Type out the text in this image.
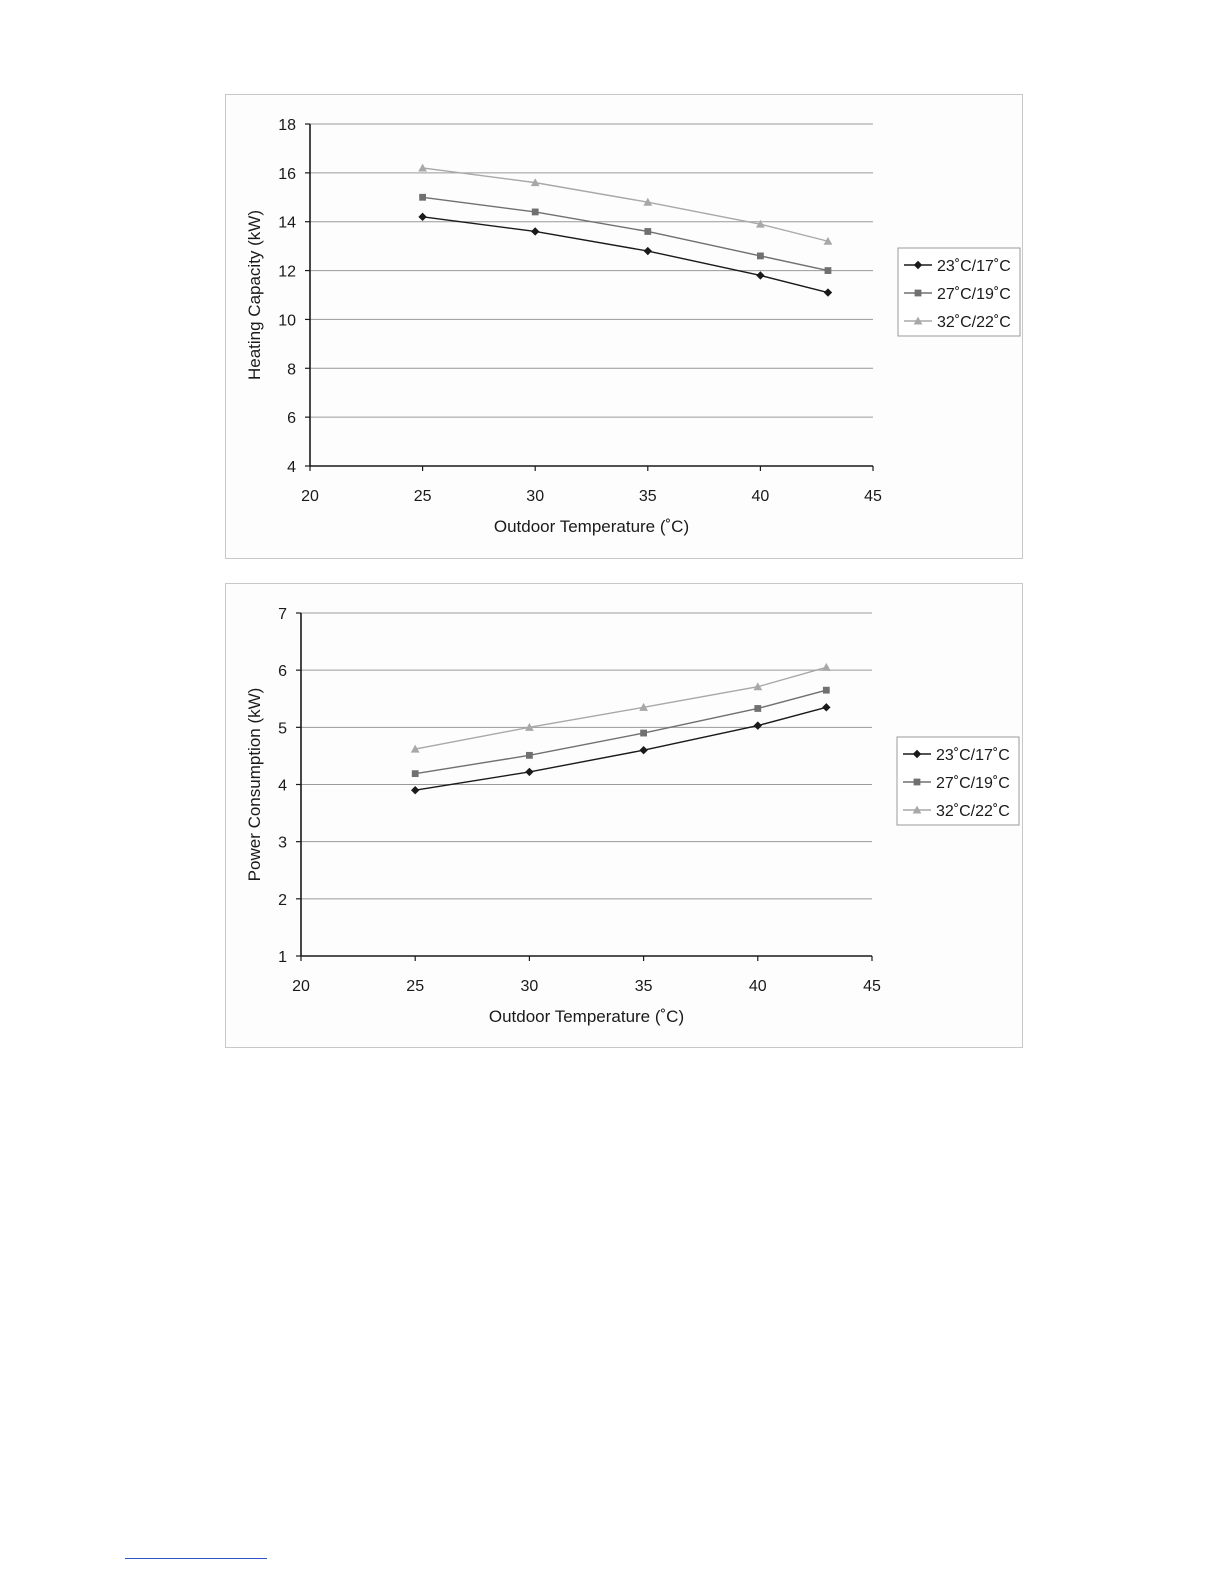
4
6
8
10
12
14
16
18
20	25	30	35	40	45
Outdoor Temperature (˚C)
Heating Capacity (kW)	23˚C/17˚C
27˚C/19˚C
32˚C/22˚C
1
2
3
4
5
6
7
20	25	30	35	40	45
Outdoor Temperature (˚C)
Power Consumption (kW)	23˚C/17˚C
27˚C/19˚C
32˚C/22˚C
